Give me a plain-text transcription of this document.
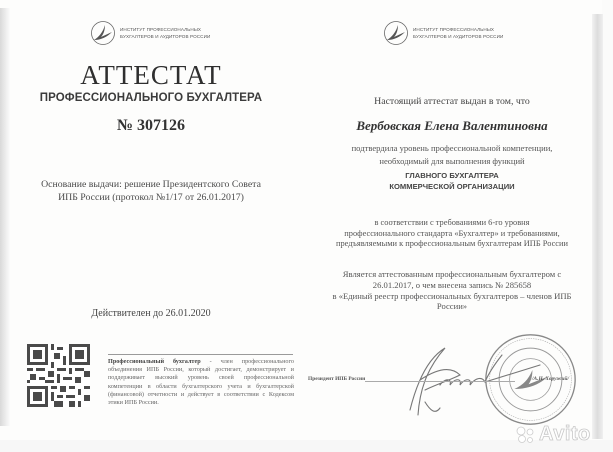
ИНСТИТУТ ПРОФЕССИОНАЛЬНЫХ
БУХГАЛТЕРОВ И АУДИТОРОВ РОССИИ
АТТЕСТАТ
ПРОФЕССИОНАЛЬНОГО БУХГАЛТЕРА
№ 307126
Основание выдачи: решение Президентского Совета
ИПБ России (протокол №1/17 от 26.01.2017)
Действителен до 26.01.2020
Профессиональный бухгалтер - член профессионального объединения ИПБ России, который достигает, демонстрирует и поддерживает высокий уровень своей профессиональной компетенции в области бухгалтерского учета и бухгалтерской (финансовой) отчетности и действует в соответствии с Кодексом этики ИПБ России.
ИНСТИТУТ ПРОФЕССИОНАЛЬНЫХ
БУХГАЛТЕРОВ И АУДИТОРОВ РОССИИ
Настоящий аттестат выдан в том, что
Вербовская Елена Валентиновна
подтвердила уровень профессиональной компетенции,
необходимый для выполнения функций
ГЛАВНОГО БУХГАЛТЕРА
КОММЕРЧЕСКОЙ ОРГАНИЗАЦИИ
в соответствии с требованиями 6-го уровня
профессионального стандарта «Бухгалтер» и требованиями,
предъявляемыми к профессиональным бухгалтерам ИПБ России
Является аттестованным профессиональным бухгалтером с
26.01.2017, о чем внесена запись № 285658
в «Единый реестр профессиональных бухгалтеров – членов ИПБ
России»
Президент ИПБ России	/А.Н. Хоружий/
Avito
